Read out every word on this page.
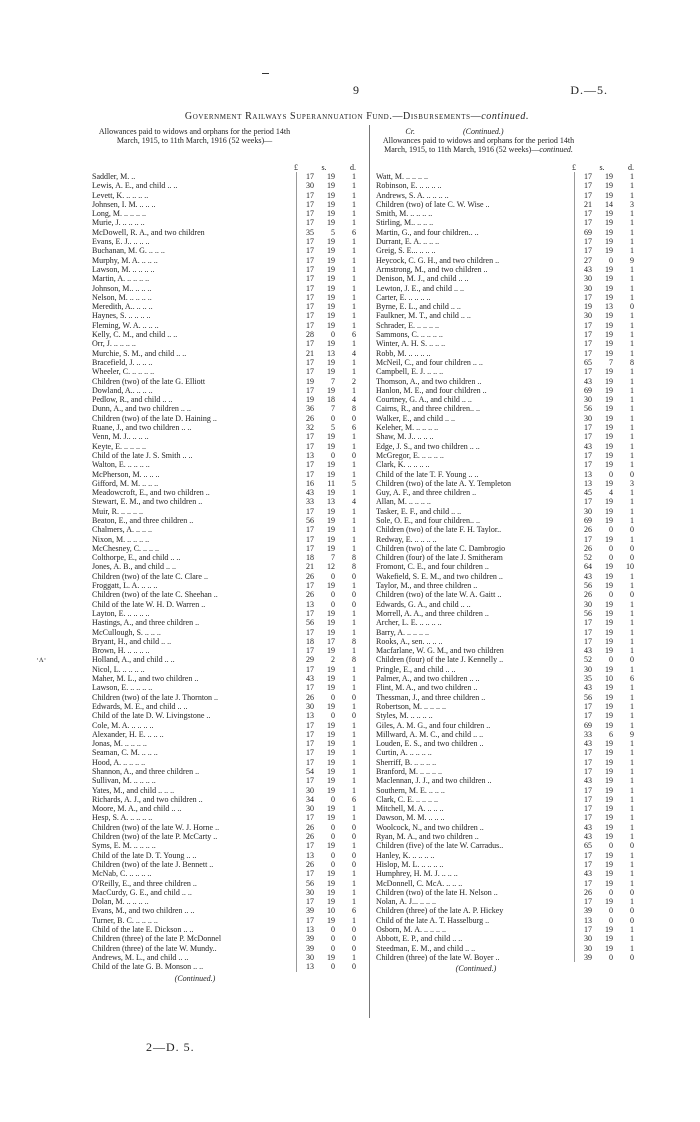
9	D.—5.
Government Railways Superannuation Fund.—Disbursements—continued.
Allowances paid to widows and orphans for the period 14th March, 1915, to 11th March, 1916 (52 weeks)—
£	s.	d.
Saddler, M. ..	17	19	1
Lewis, A. E., and child .. ..	30	19	1
Levett, K. .. .. .. ..	17	19	1
Johnsen, I. M. .. .. ..	17	19	1
Long, M. .. .. .. ..	17	19	1
Murie, J. .. .. .. ..	17	19	1
McDowell, R. A., and two children	35	5	6
Evans, E. J.. .. .. ..	17	19	1
Buchanan, M. G. .. .. ..	17	19	1
Murphy, M. A. .. .. ..	17	19	1
Lawson, M. .. .. .. ..	17	19	1
Martin, A. .. .. .. ..	17	19	1
Johnson, M.. .. .. ..	17	19	1
Nelson, M. .. .. .. ..	17	19	1
Meredith, A.. .. .. ..	17	19	1
Haynes, S. .. .. .. ..	17	19	1
Fleming, W. A. .. .. ..	17	19	1
Kelly, C. M., and child .. ..	28	0	6
Orr, J. .. .. .. ..	17	19	1
Murchie, S. M., and child .. ..	21	13	4
Bracefield, J. .. .. ..	17	19	1
Wheeler, C. .. .. .. ..	17	19	1
Children (two) of the late G. Elliott	19	7	2
Dowland, A.. .. .. ..	17	19	1
Pedlow, R., and child .. ..	19	18	4
Dunn, A., and two children .. ..	36	7	8
Children (two) of the late D. Haining ..	26	0	0
Ruane, J., and two children .. ..	32	5	6
Venn, M. J.. .. .. ..	17	19	1
Keyte, E. .. .. .. ..	17	19	1
Child of the late J. S. Smith .. ..	13	0	0
Walton, E. .. .. .. ..	17	19	1
McPherson, M. .. .. ..	17	19	1
Gifford, M. M. .. .. ..	16	11	5
Meadowcroft, E., and two children ..	43	19	1
Stewart, E. M., and two children ..	33	13	4
Muir, R. .. .. .. ..	17	19	1
Beaton, E., and three children ..	56	19	1
Chalmers, A. .. .. ..	17	19	1
Nixon, M. .. .. .. ..	17	19	1
McChesney, C. .. .. ..	17	19	1
Colthorpe, E., and child .. ..	18	7	8
Jones, A. B., and child .. ..	21	12	8
Children (two) of the late C. Clare ..	26	0	0
Froggatt, L. A. .. .. ..	17	19	1
Children (two) of the late C. Sheehan ..	26	0	0
Child of the late W. H. D. Warren ..	13	0	0
Layton, E. .. .. .. ..	17	19	1
Hastings, A., and three children ..	56	19	1
McCullough, S. .. .. ..	17	19	1
Bryant, H., and child .. ..	18	17	8
Brown, H. .. .. .. ..	17	19	1
Holland, A., and child .. ..	29	2	8
Nicol, L. .. .. .. ..	17	19	1
Maher, M. L., and two children ..	43	19	1
Lawson, E. .. .. .. ..	17	19	1
Children (two) of the late J. Thornton ..	26	0	0
Edwards, M. E., and child .. ..	30	19	1
Child of the late D. W. Livingstone ..	13	0	0
Cole, M. A. .. .. .. ..	17	19	1
Alexander, H. E. .. .. ..	17	19	1
Jonas, M. .. .. .. ..	17	19	1
Seaman, C. M. .. .. ..	17	19	1
Hood, A. .. .. .. ..	17	19	1
Shannon, A., and three children ..	54	19	1
Sullivan, M. .. .. .. ..	17	19	1
Yates, M., and child .. .. ..	30	19	1
Richards, A. J., and two children ..	34	0	6
Moore, M. A., and child .. ..	30	19	1
Hesp, S. A. .. .. .. ..	17	19	1
Children (two) of the late W. J. Horne ..	26	0	0
Children (two) of the late P. McCarty ..	26	0	0
Syms, E. M. .. .. .. ..	17	19	1
Child of the late D. T. Young .. ..	13	0	0
Children (two) of the late J. Bennett ..	26	0	0
McNab, C. .. .. .. ..	17	19	1
O'Reilly, E., and three children ..	56	19	1
MacCurdy, G. E., and child .. ..	30	19	1
Dolan, M. .. .. .. ..	17	19	1
Evans, M., and two children .. ..	39	10	6
Turner, B. C. .. .. .. ..	17	19	1
Child of the late E. Dickson .. ..	13	0	0
Children (three) of the late P. McDonnel	39	0	0
Children (three) of the late W. Mundy..	39	0	0
Andrews, M. L., and child .. ..	30	19	1
Child of the late G. B. Monson .. ..	13	0	0
(Continued.)
Cr.	(Continued.)
Allowances paid to widows and orphans for the period 14th March, 1915, to 11th March, 1916 (52 weeks)—continued.
£	s.	d.
Watt, M. .. .. .. ..	17	19	1
Robinson, E. .. .. .. ..	17	19	1
Andrews, S. A. .. .. .. ..	17	19	1
Children (two) of late C. W. Wise ..	21	14	3
Smith, M. .. .. .. ..	17	19	1
Stirling, M.. .. .. ..	17	19	1
Martin, G., and four children.. ..	69	19	1
Durrant, E. A. .. .. ..	17	19	1
Greig, S. E... .. .. ..	17	19	1
Heycock, C. G. H., and two children ..	27	0	9
Armstrong, M., and two children ..	43	19	1
Denison, M. J., and child .. ..	30	19	1
Lewton, J. E., and child .. ..	30	19	1
Carter, E. .. .. .. ..	17	19	1
Byrne, E. L., and child .. ..	19	13	0
Faulkner, M. T., and child .. ..	30	19	1
Schrader, E. .. .. .. ..	17	19	1
Sammons, C. .. .. .. ..	17	19	1
Winter, A. H. S. .. .. ..	17	19	1
Robb, M. .. .. .. ..	17	19	1
McNeil, C., and four children .. ..	65	7	8
Campbell, E. J. .. .. ..	17	19	1
Thomson, A., and two children ..	43	19	1
Hanlon, M. E., and four children ..	69	19	1
Courtney, G. A., and child .. ..	30	19	1
Cairns, R., and three children.. ..	56	19	1
Walker, E., and child .. ..	30	19	1
Keleher, M. .. .. .. ..	17	19	1
Shaw, M. J.. .. .. ..	17	19	1
Edge, J. S., and two children .. ..	43	19	1
McGregor, E. .. .. .. ..	17	19	1
Clark, K. .. .. .. ..	17	19	1
Child of the late T. F. Young .. ..	13	0	0
Children (two) of the late A. Y. Templeton	13	19	3
Guy, A. F., and three children ..	45	4	1
Allan, M. .. .. .. ..	17	19	1
Tasker, E. F., and child .. ..	30	19	1
Sole, O. E., and four children.. ..	69	19	1
Children (two) of the late F. H. Taylor..	26	0	0
Redway, E. .. .. .. ..	17	19	1
Children (two) of the late C. Dambrogio	26	0	0
Children (four) of the late J. Smitheram	52	0	0
Fromont, C. E., and four children ..	64	19	10
Wakefield, S. E. M., and two children ..	43	19	1
Taylor, M., and three children ..	56	19	1
Children (two) of the late W. A. Gaitt ..	26	0	0
Edwards, G. A., and child .. ..	30	19	1
Morrell, A. A., and three children ..	56	19	1
Archer, L. E. .. .. .. ..	17	19	1
Barry, A. .. .. .. ..	17	19	1
Rooks, A., sen. .. .. ..	17	19	1
Macfarlane, W. G. M., and two children	43	19	1
Children (four) of the late J. Kennelly ..	52	0	0
Pringle, E., and child .. ..	30	19	1
Palmer, A., and two children .. ..	35	10	6
Flint, M. A., and two children ..	43	19	1
Thessman, J., and three children ..	56	19	1
Robertson, M. .. .. .. ..	17	19	1
Styles, M. .. .. .. ..	17	19	1
Giles, A. M. G., and four children ..	69	19	1
Millward, A. M. C., and child .. ..	33	6	9
Louden, E. S., and two children ..	43	19	1
Curtin, A. .. .. .. ..	17	19	1
Sherriff, B. .. .. .. ..	17	19	1
Branford, M. .. .. .. ..	17	19	1
Maclennan, J. J., and two children ..	43	19	1
Southern, M. E. .. .. ..	17	19	1
Clark, C. E. .. .. .. ..	17	19	1
Mitchell, M. A. .. .. ..	17	19	1
Dawson, M. M. .. .. ..	17	19	1
Woolcock, N., and two children ..	43	19	1
Ryan, M. A., and two children ..	43	19	1
Children (five) of the late W. Carradus..	65	0	0
Hanley, K. .. .. .. ..	17	19	1
Hislop, M. L. .. .. .. ..	17	19	1
Humphrey, H. M. J. .. .. ..	43	19	1
McDonnell, C. McA. .. .. ..	17	19	1
Children (two) of the late H. Nelson ..	26	0	0
Nolan, A. J... .. .. ..	17	19	1
Children (three) of the late A. P. Hickey	39	0	0
Child of the late A. T. Hasselburg ..	13	0	0
Osborn, M. A. .. .. .. ..	17	19	1
Abbott, E. P., and child .. ..	30	19	1
Steedman, E. M., and child .. ..	30	19	1
Children (three) of the late W. Boyer ..	39	0	0
(Continued.)
·ʌ·
2—D. 5.
